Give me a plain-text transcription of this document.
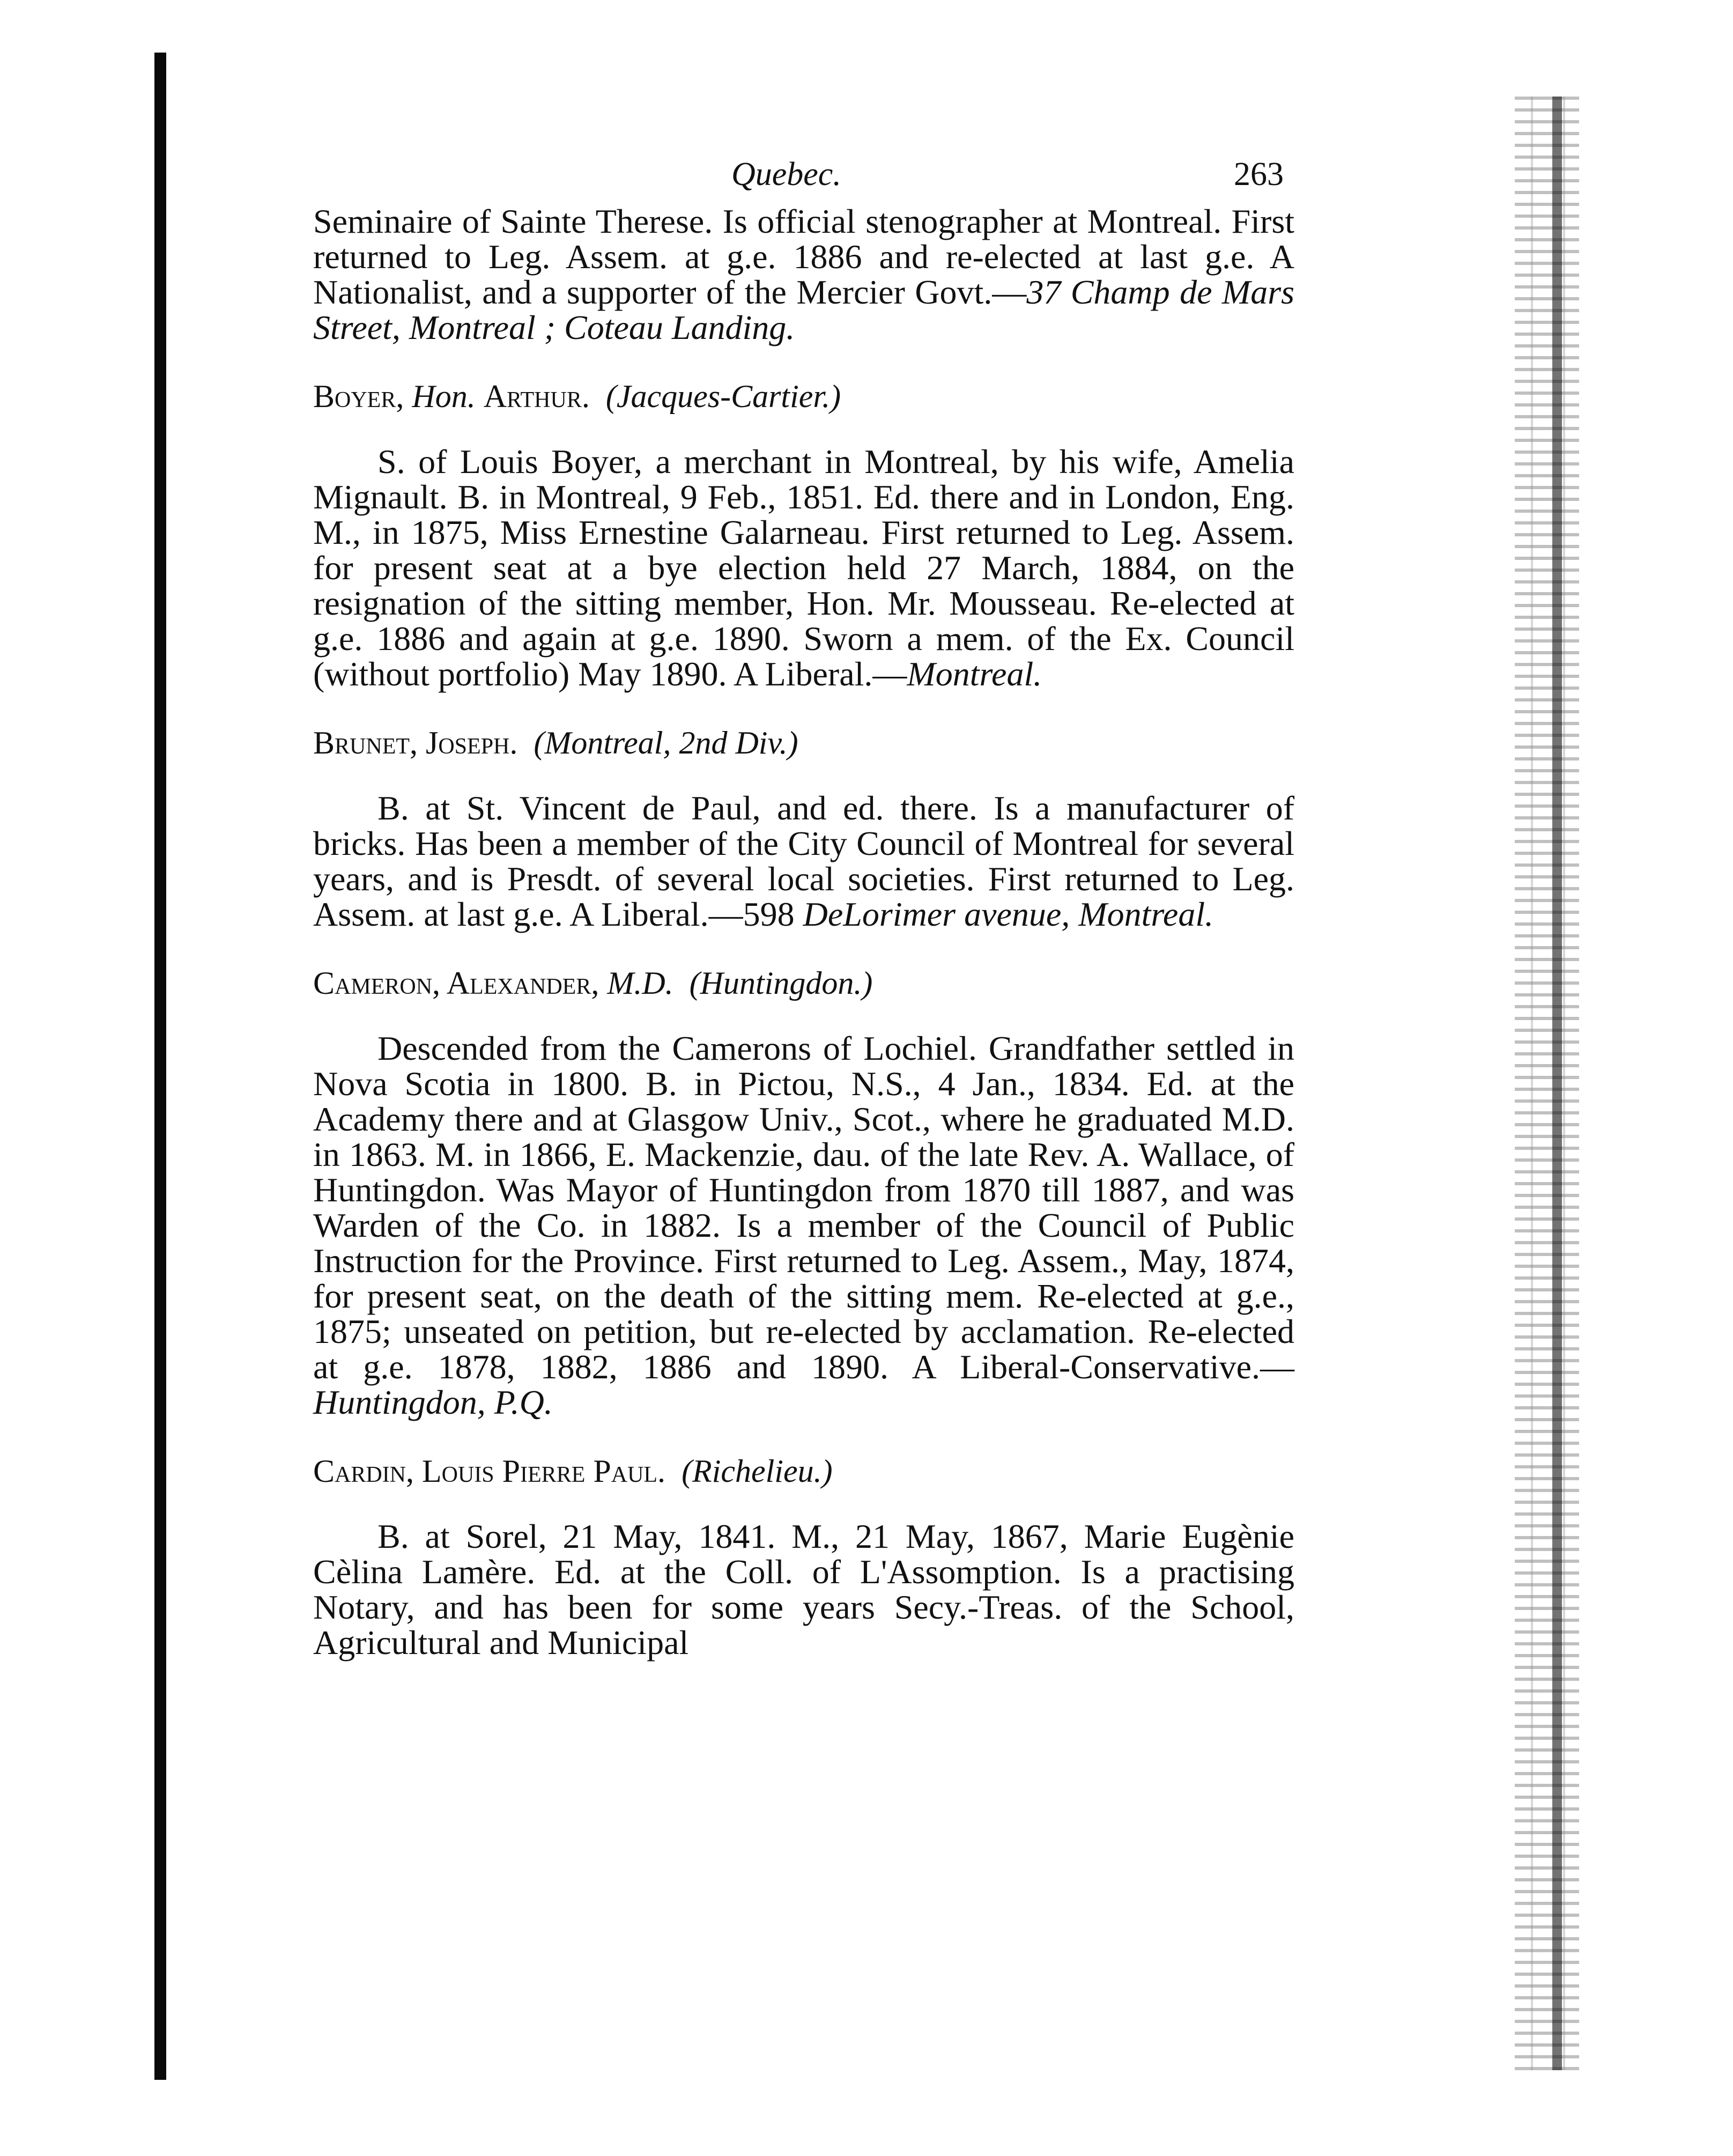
Quebec.	263

Seminaire of Sainte Therese. Is official stenographer at Montreal. First returned to Leg. Assem. at g.e. 1886 and re-elected at last g.e. A Nationalist, and a supporter of the Mercier Govt.—37 Champ de Mars Street, Montreal ; Coteau Landing.

Boyer, Hon. Arthur. (Jacques-Cartier.)

S. of Louis Boyer, a merchant in Montreal, by his wife, Amelia Mignault. B. in Montreal, 9 Feb., 1851. Ed. there and in London, Eng. M., in 1875, Miss Ernestine Galarneau. First returned to Leg. Assem. for present seat at a bye election held 27 March, 1884, on the resignation of the sitting member, Hon. Mr. Mousseau. Re-elected at g.e. 1886 and again at g.e. 1890. Sworn a mem. of the Ex. Council (without portfolio) May 1890. A Liberal.—Montreal.

Brunet, Joseph. (Montreal, 2nd Div.)

B. at St. Vincent de Paul, and ed. there. Is a manufacturer of bricks. Has been a member of the City Council of Montreal for several years, and is Presdt. of several local societies. First returned to Leg. Assem. at last g.e. A Liberal.—598 DeLorimer avenue, Montreal.

Cameron, Alexander, M.D. (Huntingdon.)

Descended from the Camerons of Lochiel. Grandfather settled in Nova Scotia in 1800. B. in Pictou, N.S., 4 Jan., 1834. Ed. at the Academy there and at Glasgow Univ., Scot., where he graduated M.D. in 1863. M. in 1866, E. Mackenzie, dau. of the late Rev. A. Wallace, of Huntingdon. Was Mayor of Huntingdon from 1870 till 1887, and was Warden of the Co. in 1882. Is a member of the Council of Public Instruction for the Province. First returned to Leg. Assem., May, 1874, for present seat, on the death of the sitting mem. Re-elected at g.e., 1875; unseated on petition, but re-elected by acclamation. Re-elected at g.e. 1878, 1882, 1886 and 1890. A Liberal-Conservative.—Huntingdon, P.Q.

Cardin, Louis Pierre Paul. (Richelieu.)

B. at Sorel, 21 May, 1841. M., 21 May, 1867, Marie Eugènie Cèlina Lamère. Ed. at the Coll. of L'Assomption. Is a practising Notary, and has been for some years Secy.-Treas. of the School, Agricultural and Municipal
